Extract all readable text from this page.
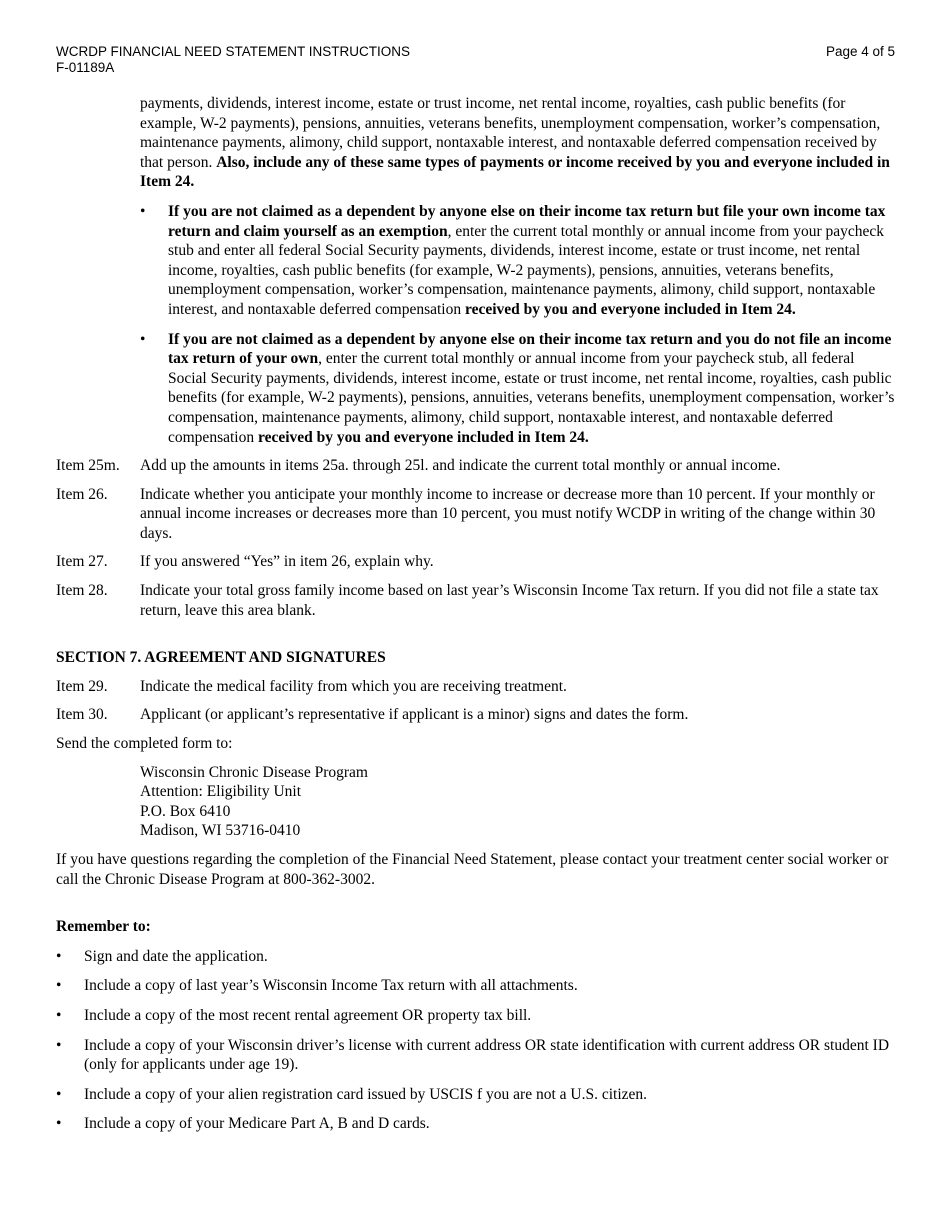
WCRDP FINANCIAL NEED STATEMENT INSTRUCTIONS
F-01189A
Page 4 of 5

payments, dividends, interest income, estate or trust income, net rental income, royalties, cash public benefits (for example, W-2 payments), pensions, annuities, veterans benefits, unemployment compensation, worker’s compensation, maintenance payments, alimony, child support, nontaxable interest, and nontaxable deferred compensation received by that person. Also, include any of these same types of payments or income received by you and everyone included in Item 24.

• If you are not claimed as a dependent by anyone else on their income tax return but file your own income tax return and claim yourself as an exemption, enter the current total monthly or annual income from your paycheck stub and enter all federal Social Security payments, dividends, interest income, estate or trust income, net rental income, royalties, cash public benefits (for example, W-2 payments), pensions, annuities, veterans benefits, unemployment compensation, worker’s compensation, maintenance payments, alimony, child support, nontaxable interest, and nontaxable deferred compensation received by you and everyone included in Item 24.

• If you are not claimed as a dependent by anyone else on their income tax return and you do not file an income tax return of your own, enter the current total monthly or annual income from your paycheck stub, all federal Social Security payments, dividends, interest income, estate or trust income, net rental income, royalties, cash public benefits (for example, W-2 payments), pensions, annuities, veterans benefits, unemployment compensation, worker’s compensation, maintenance payments, alimony, child support, nontaxable interest, and nontaxable deferred compensation received by you and everyone included in Item 24.

Item 25m.	Add up the amounts in items 25a. through 25l. and indicate the current total monthly or annual income.
Item 26.	Indicate whether you anticipate your monthly income to increase or decrease more than 10 percent. If your monthly or annual income increases or decreases more than 10 percent, you must notify WCDP in writing of the change within 30 days.
Item 27.	If you answered “Yes” in item 26, explain why.
Item 28.	Indicate your total gross family income based on last year’s Wisconsin Income Tax return. If you did not file a state tax return, leave this area blank.

SECTION 7. AGREEMENT AND SIGNATURES

Item 29.	Indicate the medical facility from which you are receiving treatment.
Item 30.	Applicant (or applicant’s representative if applicant is a minor) signs and dates the form.

Send the completed form to:

Wisconsin Chronic Disease Program
Attention: Eligibility Unit
P.O. Box 6410
Madison, WI 53716-0410

If you have questions regarding the completion of the Financial Need Statement, please contact your treatment center social worker or call the Chronic Disease Program at 800-362-3002.

Remember to:

• Sign and date the application.
• Include a copy of last year’s Wisconsin Income Tax return with all attachments.
• Include a copy of the most recent rental agreement OR property tax bill.
• Include a copy of your Wisconsin driver’s license with current address OR state identification with current address OR student ID (only for applicants under age 19).
• Include a copy of your alien registration card issued by USCIS f you are not a U.S. citizen.
• Include a copy of your Medicare Part A, B and D cards.
